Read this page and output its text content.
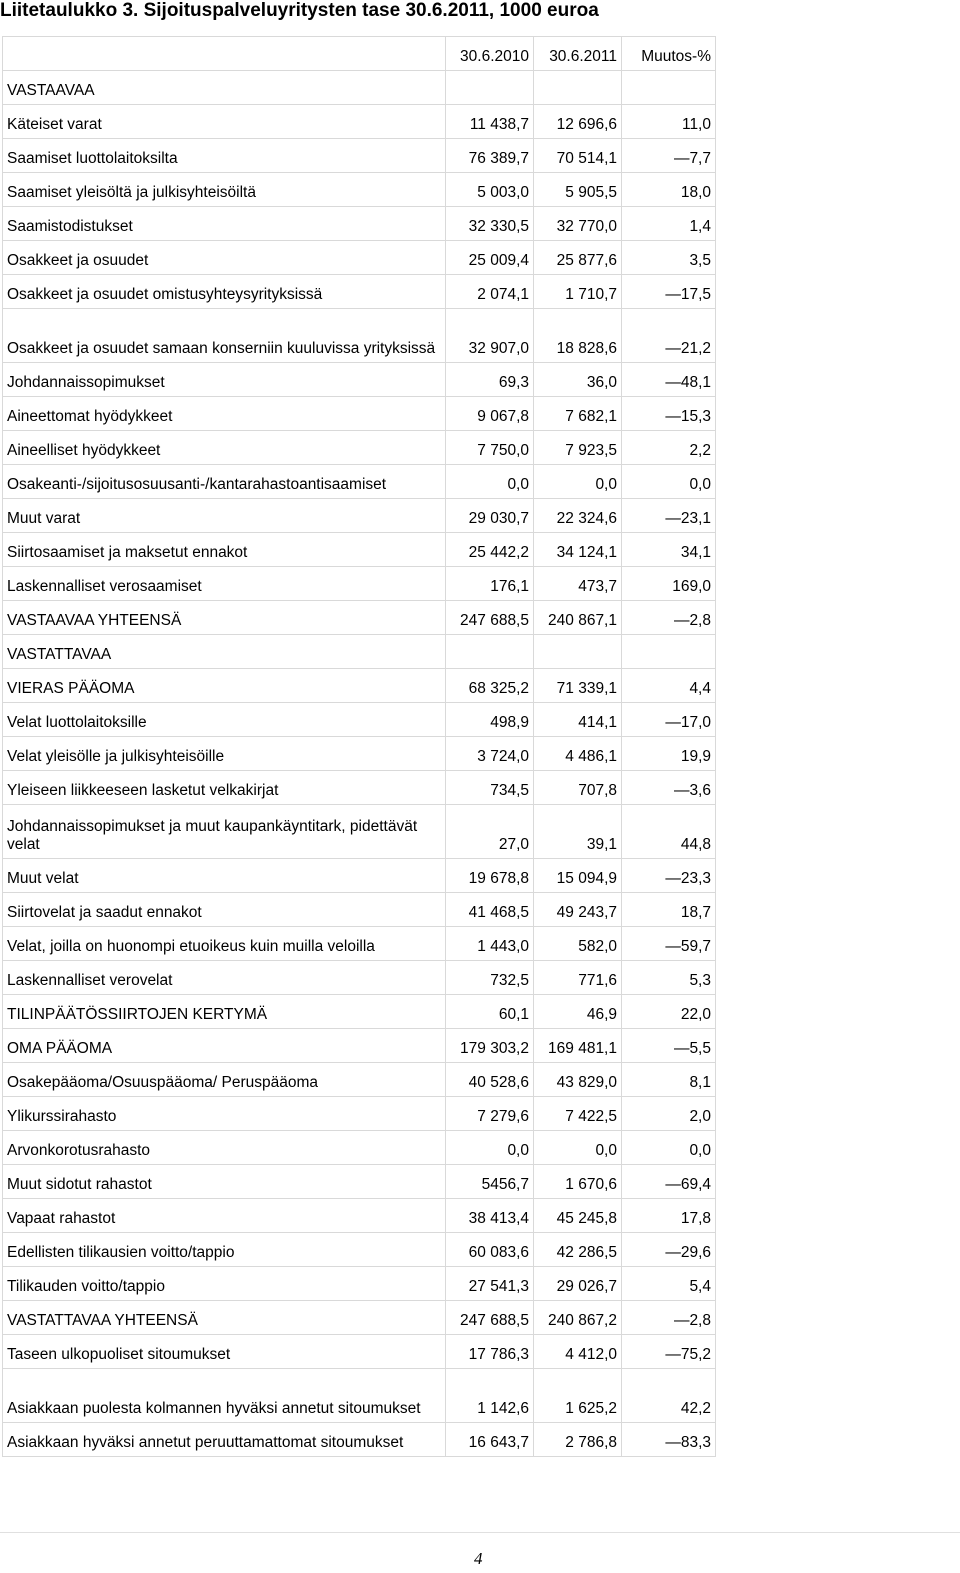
Liitetaulukko 3. Sijoituspalveluyritysten tase 30.6.2011, 1000 euroa
	30.6.2010	30.6.2011	Muutos-%
VASTAAVAA			
Käteiset varat	11 438,7	12 696,6	11,0
Saamiset luottolaitoksilta	76 389,7	70 514,1	—7,7
Saamiset yleisöltä ja julkisyhteisöiltä	5 003,0	5 905,5	18,0
Saamistodistukset	32 330,5	32 770,0	1,4
Osakkeet ja osuudet	25 009,4	25 877,6	3,5
Osakkeet ja osuudet omistusyhteysyrityksissä	2 074,1	1 710,7	—17,5
Osakkeet ja osuudet samaan konserniin kuuluvissa yrityksissä	32 907,0	18 828,6	—21,2
Johdannaissopimukset	69,3	36,0	—48,1
Aineettomat hyödykkeet	9 067,8	7 682,1	—15,3
Aineelliset hyödykkeet	7 750,0	7 923,5	2,2
Osakeanti-/sijoitusosuusanti-/kantarahastoantisaamiset	0,0	0,0	0,0
Muut varat	29 030,7	22 324,6	—23,1
Siirtosaamiset ja maksetut ennakot	25 442,2	34 124,1	34,1
Laskennalliset verosaamiset	176,1	473,7	169,0
VASTAAVAA YHTEENSÄ	247 688,5	240 867,1	—2,8
VASTATTAVAA			
VIERAS PÄÄOMA	68 325,2	71 339,1	4,4
Velat luottolaitoksille	498,9	414,1	—17,0
Velat yleisölle ja julkisyhteisöille	3 724,0	4 486,1	19,9
Yleiseen liikkeeseen lasketut velkakirjat	734,5	707,8	—3,6
Johdannaissopimukset ja muut kaupankäyntitark, pidettävät velat	27,0	39,1	44,8
Muut velat	19 678,8	15 094,9	—23,3
Siirtovelat ja saadut ennakot	41 468,5	49 243,7	18,7
Velat, joilla on huonompi etuoikeus kuin muilla veloilla	1 443,0	582,0	—59,7
Laskennalliset verovelat	732,5	771,6	5,3
TILINPÄÄTÖSSIIRTOJEN KERTYMÄ	60,1	46,9	22,0
OMA PÄÄOMA	179 303,2	169 481,1	—5,5
Osakepääoma/Osuuspääoma/ Peruspääoma	40 528,6	43 829,0	8,1
Ylikurssirahasto	7 279,6	7 422,5	2,0
Arvonkorotusrahasto	0,0	0,0	0,0
Muut sidotut rahastot	5456,7	1 670,6	—69,4
Vapaat rahastot	38 413,4	45 245,8	17,8
Edellisten tilikausien voitto/tappio	60 083,6	42 286,5	—29,6
Tilikauden voitto/tappio	27 541,3	29 026,7	5,4
VASTATTAVAA YHTEENSÄ	247 688,5	240 867,2	—2,8
Taseen ulkopuoliset sitoumukset	17 786,3	4 412,0	—75,2
Asiakkaan puolesta kolmannen hyväksi annetut sitoumukset	1 142,6	1 625,2	42,2
Asiakkaan hyväksi annetut peruuttamattomat sitoumukset	16 643,7	2 786,8	—83,3
4
